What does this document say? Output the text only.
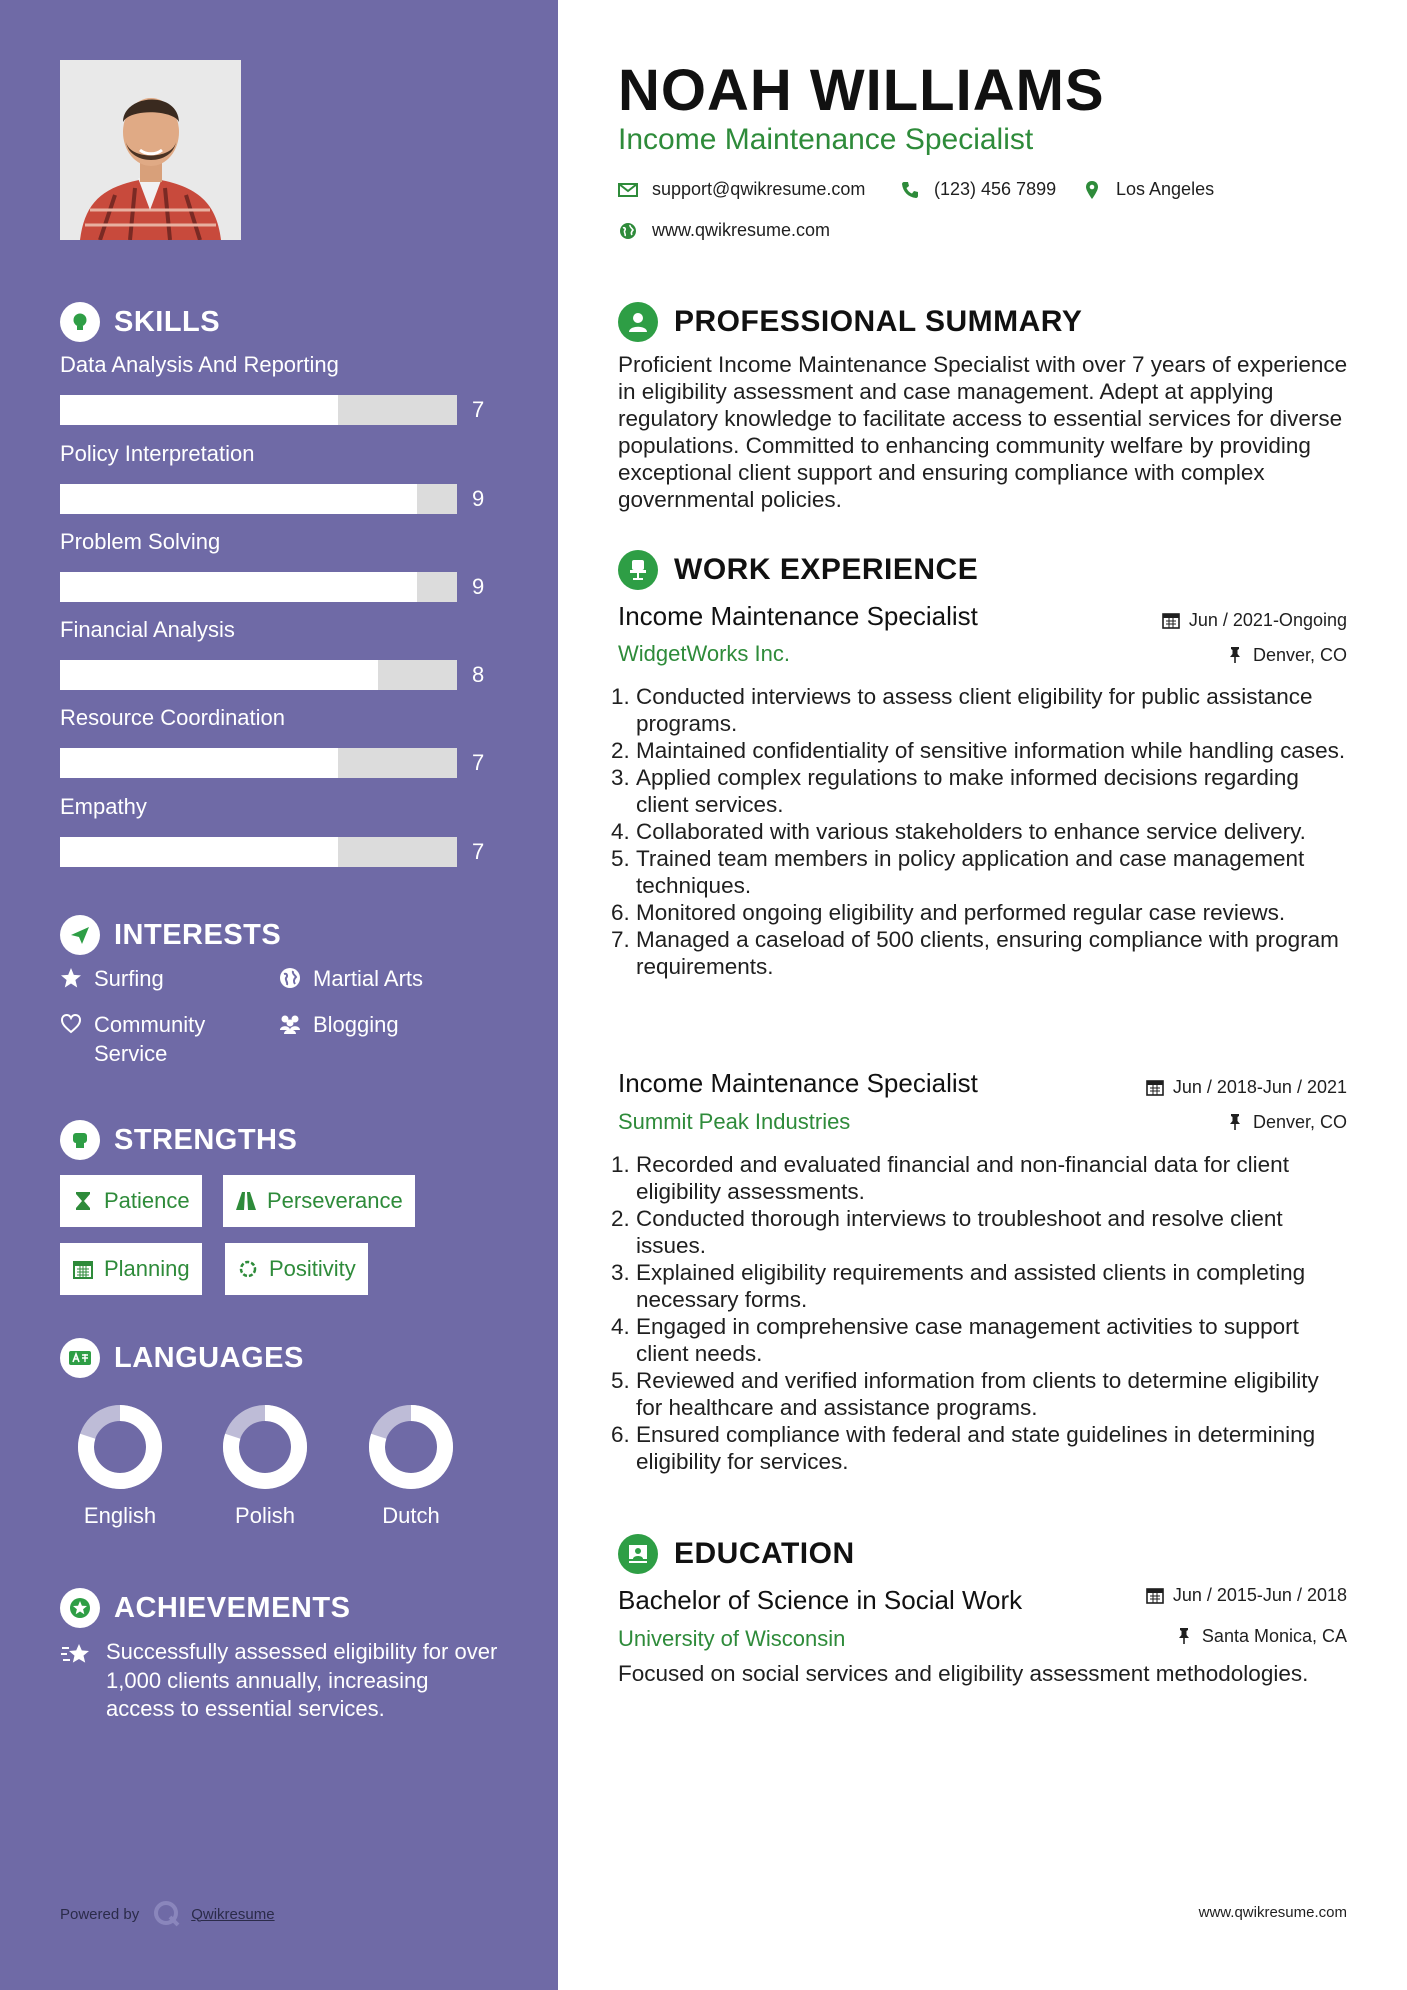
SKILLS
Data Analysis And Reporting
7
Policy Interpretation
9
Problem Solving
9
Financial Analysis
8
Resource Coordination
7
Empathy
7
INTERESTS
Surfing	Martial Arts
Community Service
Blogging
STRENGTHS
Patience	Perseverance
Planning	Positivity
LANGUAGES
English	Polish	Dutch
ACHIEVEMENTS
Successfully assessed eligibility for over 1,000 clients annually, increasing access to essential services.
Powered by	Qwikresume
NOAH WILLIAMS
Income Maintenance Specialist
support@qwikresume.com	(123) 456 7899	Los Angeles
www.qwikresume.com
PROFESSIONAL SUMMARY
Proficient Income Maintenance Specialist with over 7 years of experience in eligibility assessment and case management. Adept at applying regulatory knowledge to facilitate access to essential services for diverse populations. Committed to enhancing community welfare by providing exceptional client support and ensuring compliance with complex governmental policies.
WORK EXPERIENCE
Income Maintenance Specialist	Jun / 2021-Ongoing
WidgetWorks Inc.	Denver, CO
1. Conducted interviews to assess client eligibility for public assistance programs.
2. Maintained confidentiality of sensitive information while handling cases.
3. Applied complex regulations to make informed decisions regarding client services.
4. Collaborated with various stakeholders to enhance service delivery.
5. Trained team members in policy application and case management techniques.
6. Monitored ongoing eligibility and performed regular case reviews.
7. Managed a caseload of 500 clients, ensuring compliance with program requirements.
Income Maintenance Specialist	Jun / 2018-Jun / 2021
Summit Peak Industries	Denver, CO
1. Recorded and evaluated financial and non-financial data for client eligibility assessments.
2. Conducted thorough interviews to troubleshoot and resolve client issues.
3. Explained eligibility requirements and assisted clients in completing necessary forms.
4. Engaged in comprehensive case management activities to support client needs.
5. Reviewed and verified information from clients to determine eligibility for healthcare and assistance programs.
6. Ensured compliance with federal and state guidelines in determining eligibility for services.
EDUCATION
Bachelor of Science in Social Work	Jun / 2015-Jun / 2018
University of Wisconsin	Santa Monica, CA
Focused on social services and eligibility assessment methodologies.
www.qwikresume.com
